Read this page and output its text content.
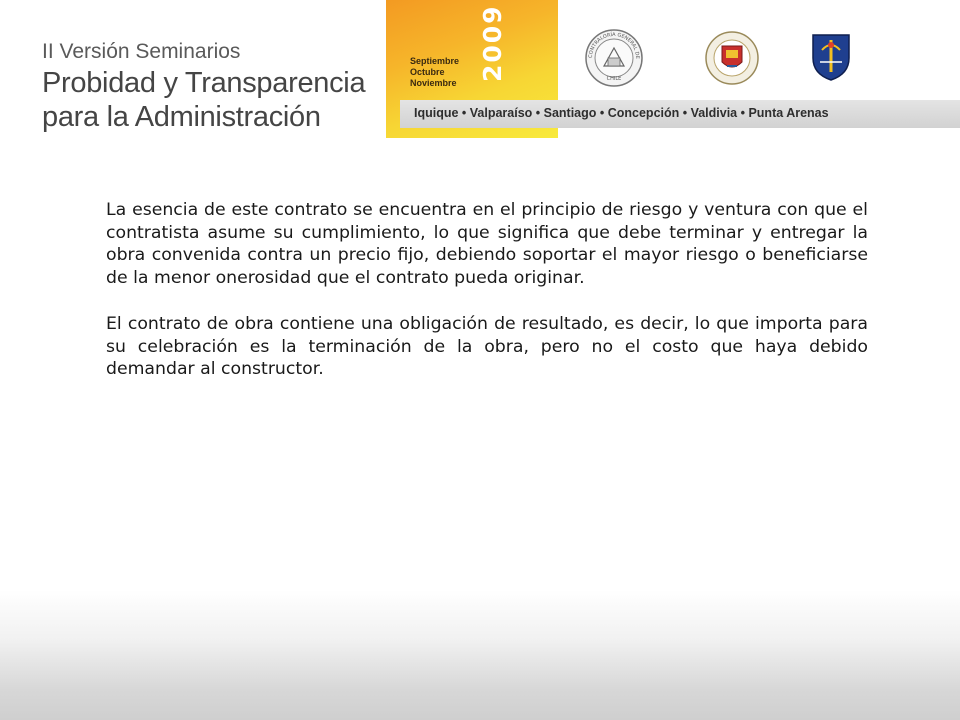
II Versión Seminarios
Probidad y Transparencia
para la Administración
Septiembre
Octubre
Noviembre
2009	CONTRALORÍA GENERAL DE
CHILE
Iquique • Valparaíso • Santiago • Concepción • Valdivia • Punta Arenas

La esencia de este contrato se encuentra en el principio de riesgo y ventura con que el contratista asume su cumplimiento, lo que significa que debe terminar y entregar la obra convenida contra un precio fijo, debiendo soportar el mayor riesgo o beneficiarse de la menor onerosidad que el contrato pueda originar.

El contrato de obra contiene una obligación de resultado, es decir, lo que importa para su celebración es la terminación de la obra, pero no el costo que haya debido demandar al constructor.
